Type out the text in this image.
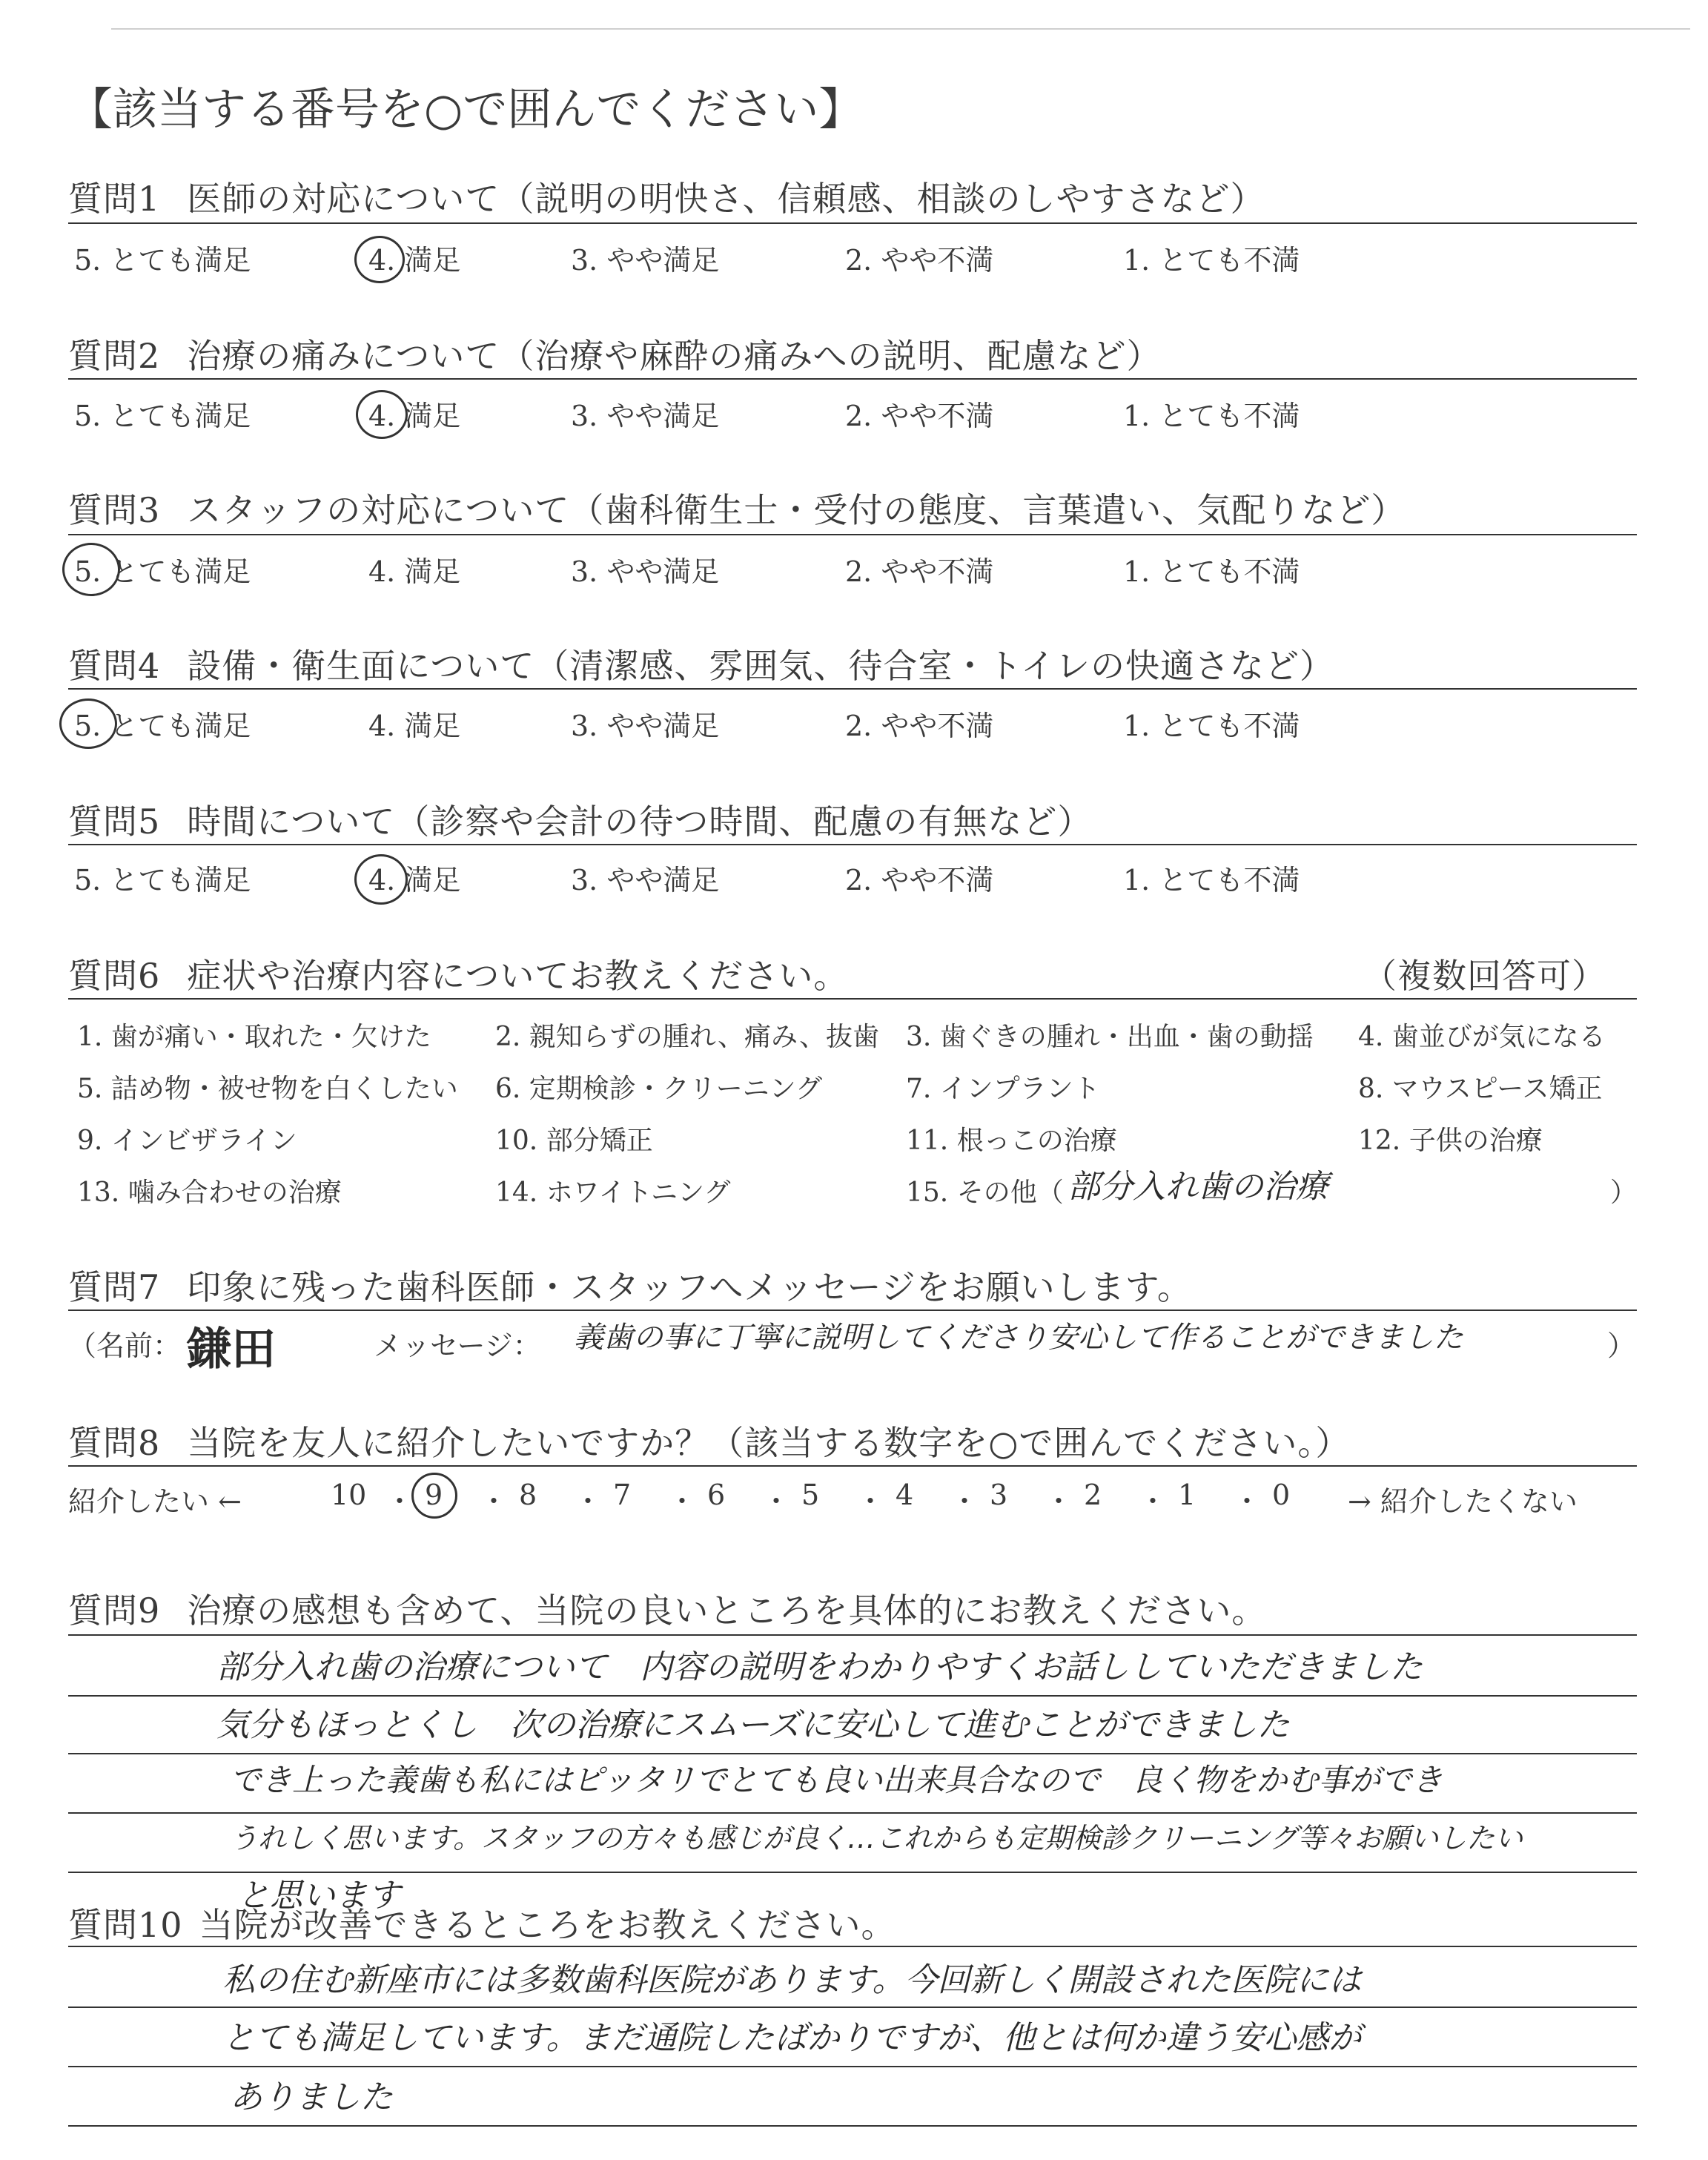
【該当する番号を○で囲んでください】
質問1 医師の対応について（説明の明快さ、信頼感、相談のしやすさなど）
5. とても満足	4. 満足	3. やや満足	2. やや不満	1. とても不満
質問2 治療の痛みについて（治療や麻酔の痛みへの説明、配慮など）
5. とても満足	4. 満足	3. やや満足	2. やや不満	1. とても不満
質問3 スタッフの対応について（歯科衛生士・受付の態度、言葉遣い、気配りなど）
5. とても満足	4. 満足	3. やや満足	2. やや不満	1. とても不満
質問4 設備・衛生面について（清潔感、雰囲気、待合室・トイレの快適さなど）
5. とても満足	4. 満足	3. やや満足	2. やや不満	1. とても不満
質問5 時間について（診察や会計の待つ時間、配慮の有無など）
5. とても満足	4. 満足	3. やや満足	2. やや不満	1. とても不満
質問6 症状や治療内容についてお教えください。	（複数回答可）
1. 歯が痛い・取れた・欠けた 2. 親知らずの腫れ、痛み、抜歯 3. 歯ぐきの腫れ・出血・歯の動揺 4. 歯並びが気になる
5. 詰め物・被せ物を白くしたい 6. 定期検診・クリーニング	7. インプラント	8. マウスピース矯正
9. インビザライン	10. 部分矯正	11. 根っこの治療	12. 子供の治療
13. 噛み合わせの治療	14. ホワイトニング	15. その他（ 部分入れ歯の治療	）
質問7 印象に残った歯科医師・スタッフへメッセージをお願いします。
（名前： 鎌田	メッセージ： 義歯の事に丁寧に説明してくださり安心して作ることができました	）
質問8 当院を友人に紹介したいですか？（該当する数字を○で囲んでください。）
紹介したい ←	10 ・ 9 ・ 8 ・ 7 ・ 6 ・ 5 ・ 4 ・ 3 ・ 2 ・ 1 ・ 0 → 紹介したくない
質問9 治療の感想も含めて、当院の良いところを具体的にお教えください。
部分入れ歯の治療について　内容の説明をわかりやすくお話ししていただきました
気分もほっとくし　次の治療にスムーズに安心して進むことができました
でき上った義歯も私にはピッタリでとても良い出来具合なので　良く物をかむ事ができ
うれしく思います。スタッフの方々も感じが良く…これからも定期検診クリーニング等々お願いしたい
と思います
質問10 当院が改善できるところをお教えください。
私の住む新座市には多数歯科医院があります。今回新しく開設された医院には
とても満足しています。まだ通院したばかりですが、他とは何か違う安心感が
ありました
